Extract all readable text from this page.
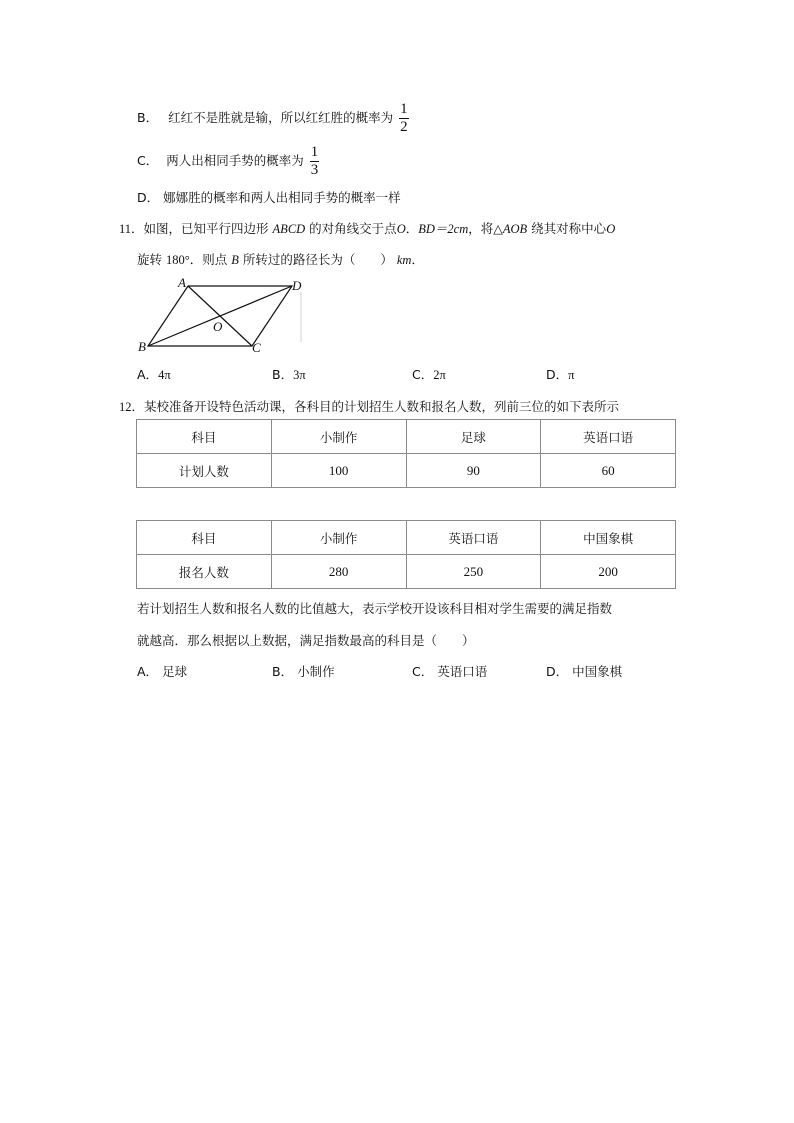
B． 红红不是胜就是输，所以红红胜的概率为 $\frac{1}{2}$
C． 两人出相同手势的概率为 $\frac{1}{3}$
D． 娜娜胜的概率和两人出相同手势的概率一样
11．如图，已知平行四边形 ABCD 的对角线交于点O．BD＝2cm，将△AOB 绕其对称中心O
旋转 180°．则点 B 所转过的路径长为（　　） km．
A	D
B	C
O
A．4π	B．3π	C．2π	D．π
12．某校准备开设特色活动课，各科目的计划招生人数和报名人数，列前三位的如下表所示
科目	小制作	足球	英语口语
计划人数	100	90	60
科目	小制作	英语口语	中国象棋
报名人数	280	250	200
若计划招生人数和报名人数的比值越大，表示学校开设该科目相对学生需要的满足指数
就越高．那么根据以上数据，满足指数最高的科目是（　　）
A． 足球	B． 小制作	C． 英语口语	D． 中国象棋
